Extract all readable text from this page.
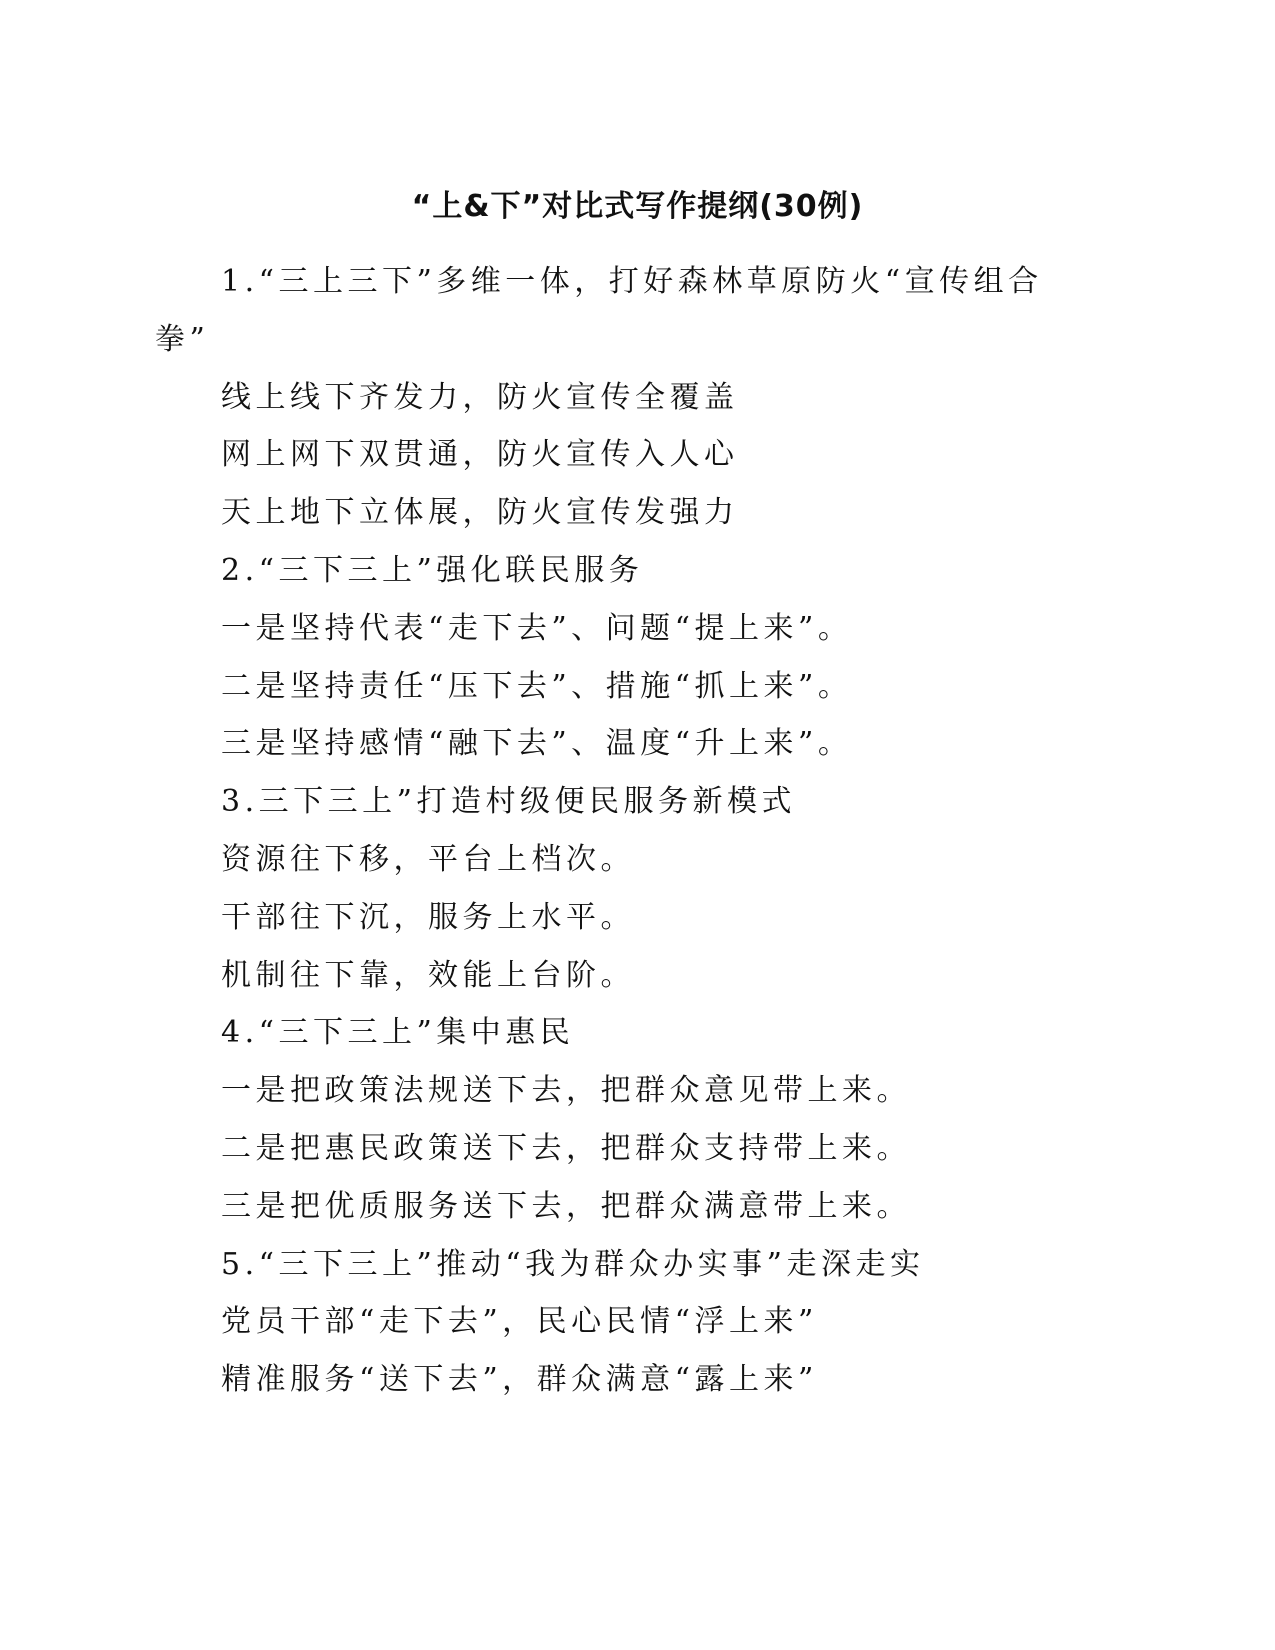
“上&下”对比式写作提纲(30例)

1.“三上三下”多维一体，打好森林草原防火“宣传组合

拳”

线上线下齐发力，防火宣传全覆盖

网上网下双贯通，防火宣传入人心

天上地下立体展，防火宣传发强力

2.“三下三上”强化联民服务

一是坚持代表“走下去”、问题“提上来”。

二是坚持责任“压下去”、措施“抓上来”。

三是坚持感情“融下去”、温度“升上来”。

3.三下三上”打造村级便民服务新模式

资源往下移，平台上档次。

干部往下沉，服务上水平。

机制往下靠，效能上台阶。

4.“三下三上”集中惠民

一是把政策法规送下去，把群众意见带上来。

二是把惠民政策送下去，把群众支持带上来。

三是把优质服务送下去，把群众满意带上来。

5.“三下三上”推动“我为群众办实事”走深走实

党员干部“走下去”，民心民情“浮上来”

精准服务“送下去”，群众满意“露上来”
